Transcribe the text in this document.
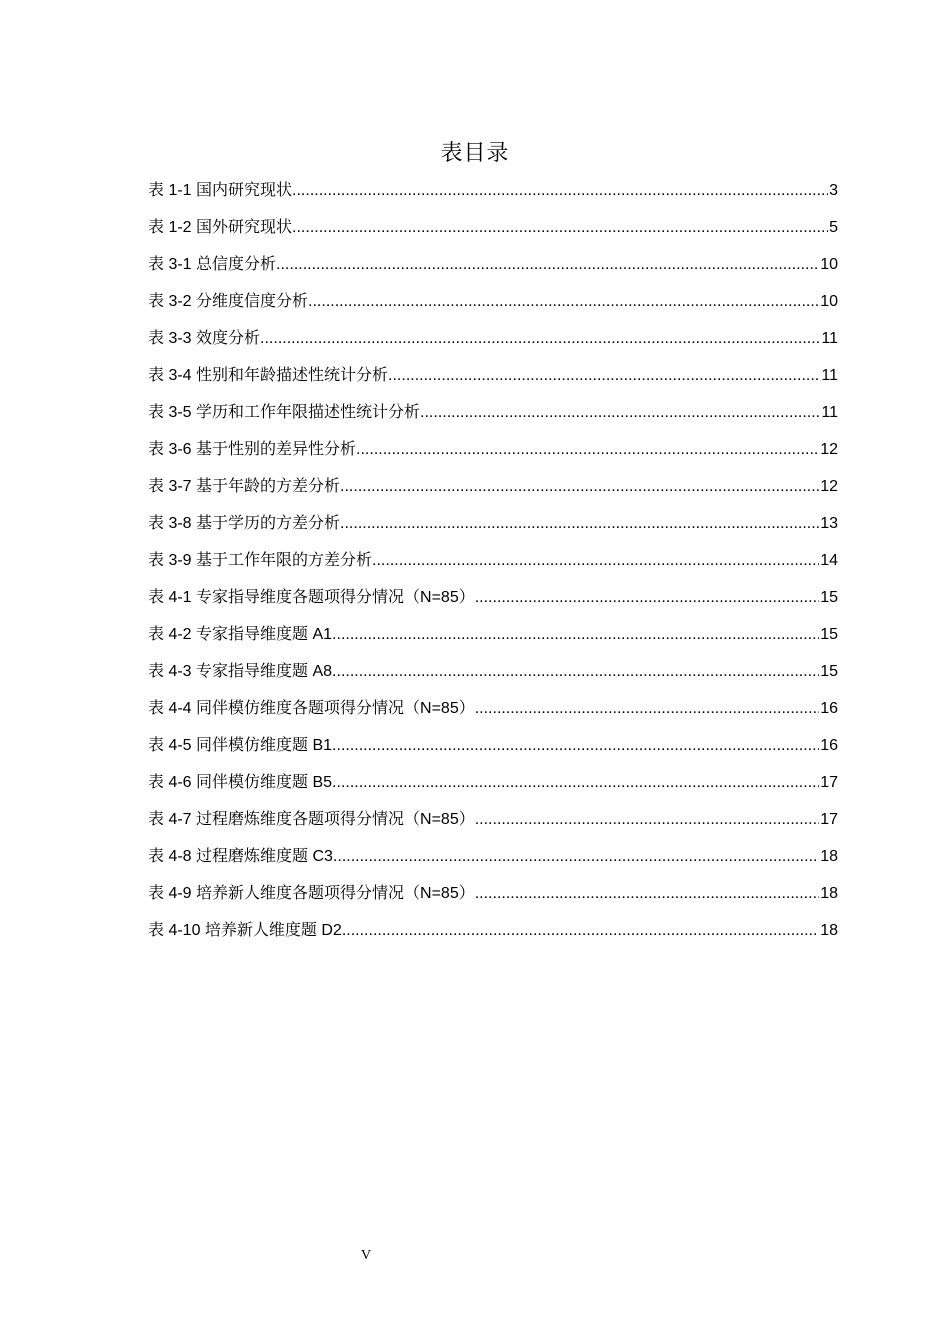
表目录
表 1-1 国内研究现状 .....	3
表 1-2 国外研究现状 .....	5
表 3-1 总信度分析 .....	10
表 3-2 分维度信度分析 .....	10
表 3-3 效度分析 .....	11
表 3-4 性别和年龄描述性统计分析 .....	11
表 3-5 学历和工作年限描述性统计分析 .....	11
表 3-6 基于性别的差异性分析 .....	12
表 3-7 基于年龄的方差分析 .....	12
表 3-8 基于学历的方差分析 .....	13
表 3-9 基于工作年限的方差分析 .....	14
表 4-1 专家指导维度各题项得分情况（N=85） .....	15
表 4-2 专家指导维度题 A1 .....	15
表 4-3 专家指导维度题 A8 .....	15
表 4-4 同伴模仿维度各题项得分情况（N=85） .....	16
表 4-5 同伴模仿维度题 B1 .....	16
表 4-6 同伴模仿维度题 B5 .....	17
表 4-7 过程磨炼维度各题项得分情况（N=85） .....	17
表 4-8 过程磨炼维度题 C3 .....	18
表 4-9 培养新人维度各题项得分情况（N=85） .....	18
表 4-10 培养新人维度题 D2 .....	18
V
